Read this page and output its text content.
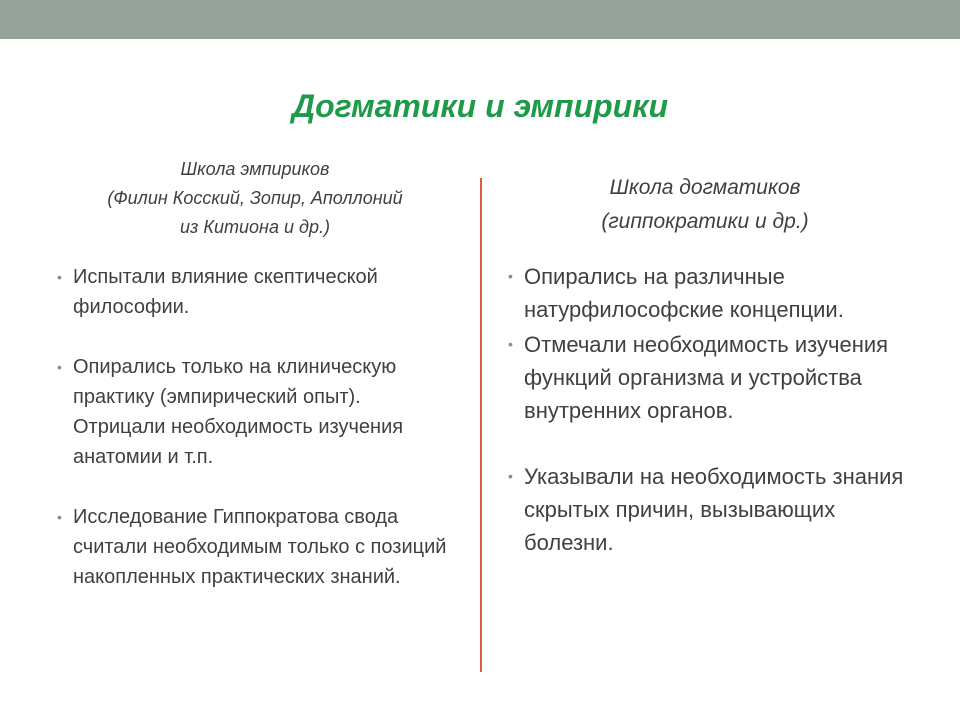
Догматики и эмпирики
Школа эмпириков
(Филин Косский, Зопир, Аполлоний
из Китиона и др.)
Школа догматиков
(гиппократики и др.)
• Испытали влияние скептической философии.
• Опирались только на клиническую практику (эмпирический опыт). Отрицали необходимость изучения анатомии и т.п.
• Исследование Гиппократова свода считали необходимым только с позиций накопленных практических знаний.
• Опирались на различные натурфилософские концепции.
• Отмечали необходимость изучения функций организма и устройства внутренних органов.
• Указывали на необходимость знания скрытых причин, вызывающих болезни.
